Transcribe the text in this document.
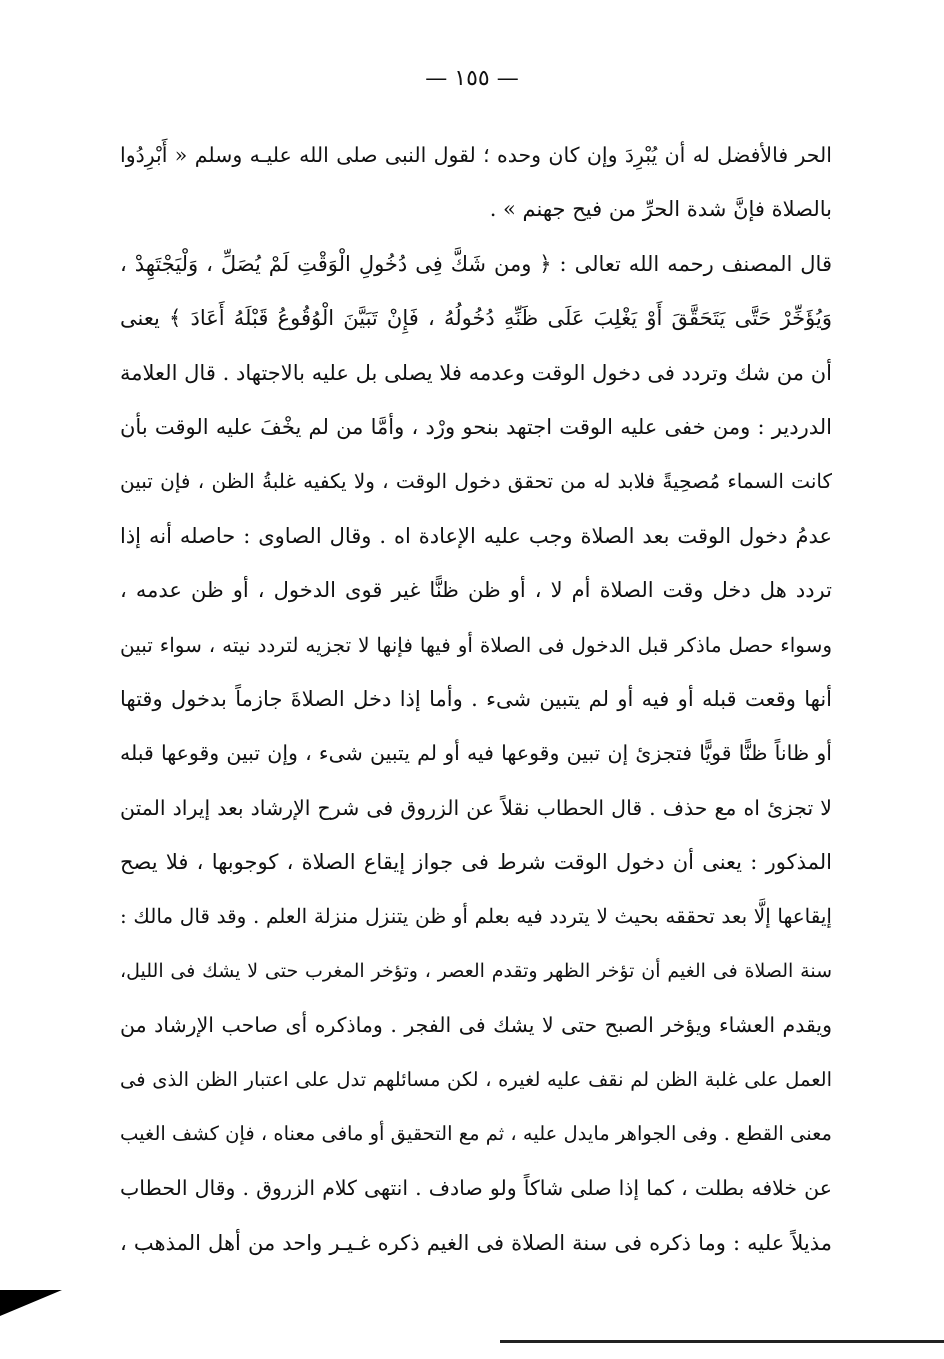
— ١٥٥ —
الحر فالأفضل له أن يُبْرِدَ وإن كان وحده ؛ لقول النبى صلى الله عليـه وسلم « أَبْرِدُوا
بالصلاة فإنَّ شدة الحرِّ من فيح جهنم » .
قال المصنف رحمه الله تعالى : ﴿ ومن شَكَّ فِى دُخُولِ الْوَقْتِ لَمْ يُصَلِّ ، وَلْيَجْتَهِدْ ،
وَيُؤَخِّرْ حَتَّى يَتَحَقَّقَ أَوْ يَغْلِبَ عَلَى ظَنِّهِ دُخُولُهُ ، فَإِنْ تَبَيَّنَ الْوُقُوعُ قَبْلَهُ أَعَادَ ﴾ يعنى
أن من شك وتردد فى دخول الوقت وعدمه فلا يصلى بل عليه بالاجتهاد . قال العلامة
الدردير : ومن خفى عليه الوقت اجتهد بنحو ورْد ، وأمَّا من لم يخْفَ عليه الوقت بأن
كانت السماء مُصحِيةً فلابد له من تحقق دخول الوقت ، ولا يكفيه غلبةُ الظن ، فإن تبين
عدمُ دخول الوقت بعد الصلاة وجب عليه الإعادة اه . وقال الصاوى : حاصله أنه إذا
تردد هل دخل وقت الصلاة أم لا ، أو ظن ظنًّا غير قوى الدخول ، أو ظن عدمه ،
وسواء حصل ماذكر قبل الدخول فى الصلاة أو فيها فإنها لا تجزيه لتردد نيته ، سواء تبين
أنها وقعت قبله أو فيه أو لم يتبين شىء . وأما إذا دخل الصلاةَ جازماً بدخول وقتها
أو ظاناً ظنًّا قويًّا فتجزئ إن تبين وقوعها فيه أو لم يتبين شىء ، وإن تبين وقوعها قبله
لا تجزئ اه مع حذف . قال الحطاب نقلاً عن الزروق فى شرح الإرشاد بعد إيراد المتن
المذكور : يعنى أن دخول الوقت شرط فى جواز إيقاع الصلاة ، كوجوبها ، فلا يصح
إيقاعها إلَّا بعد تحققه بحيث لا يتردد فيه بعلم أو ظن يتنزل منزلة العلم . وقد قال مالك :
سنة الصلاة فى الغيم أن تؤخر الظهر وتقدم العصر ، وتؤخر المغرب حتى لا يشك فى الليل،
ويقدم العشاء ويؤخر الصبح حتى لا يشك فى الفجر . وماذكره أى صاحب الإرشاد من
العمل على غلبة الظن لم نقف عليه لغيره ، لكن مسائلهم تدل على اعتبار الظن الذى فى
معنى القطع . وفى الجواهر مايدل عليه ، ثم مع التحقيق أو مافى معناه ، فإن كشف الغيب
عن خلافه بطلت ، كما إذا صلى شاكاً ولو صادف . انتهى كلام الزروق . وقال الحطاب
مذيلاً عليه : وما ذكره فى سنة الصلاة فى الغيم ذكره غـيـر واحد من أهل المذهب ،
